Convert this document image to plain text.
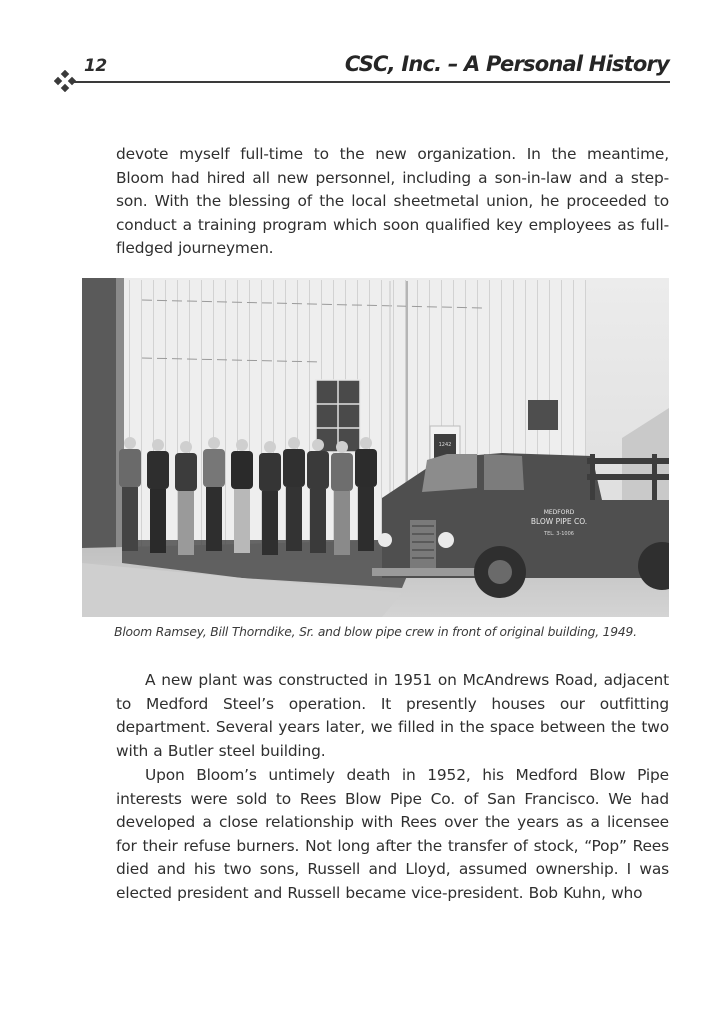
12	CSC, Inc. – A Personal History

devote myself full-time to the new organization. In the meantime, Bloom had hired all new personnel, including a son-in-law and a step-son. With the blessing of the local sheetmetal union, he proceeded to conduct a training program which soon qualified key employees as full-fledged journeymen.

1242
MEDFORD
BLOW PIPE CO.
TEL. 3-1006
Bloom Ramsey, Bill Thorndike, Sr. and blow pipe crew in front of original building, 1949.

A new plant was constructed in 1951 on McAndrews Road, adjacent to Medford Steel’s operation. It presently houses our outfitting department. Several years later, we filled in the space between the two with a Butler steel building.

Upon Bloom’s untimely death in 1952, his Medford Blow Pipe interests were sold to Rees Blow Pipe Co. of San Francisco. We had developed a close relationship with Rees over the years as a licensee for their refuse burners. Not long after the transfer of stock, “Pop” Rees died and his two sons, Russell and Lloyd, assumed ownership. I was elected president and Russell became vice-president. Bob Kuhn, who
